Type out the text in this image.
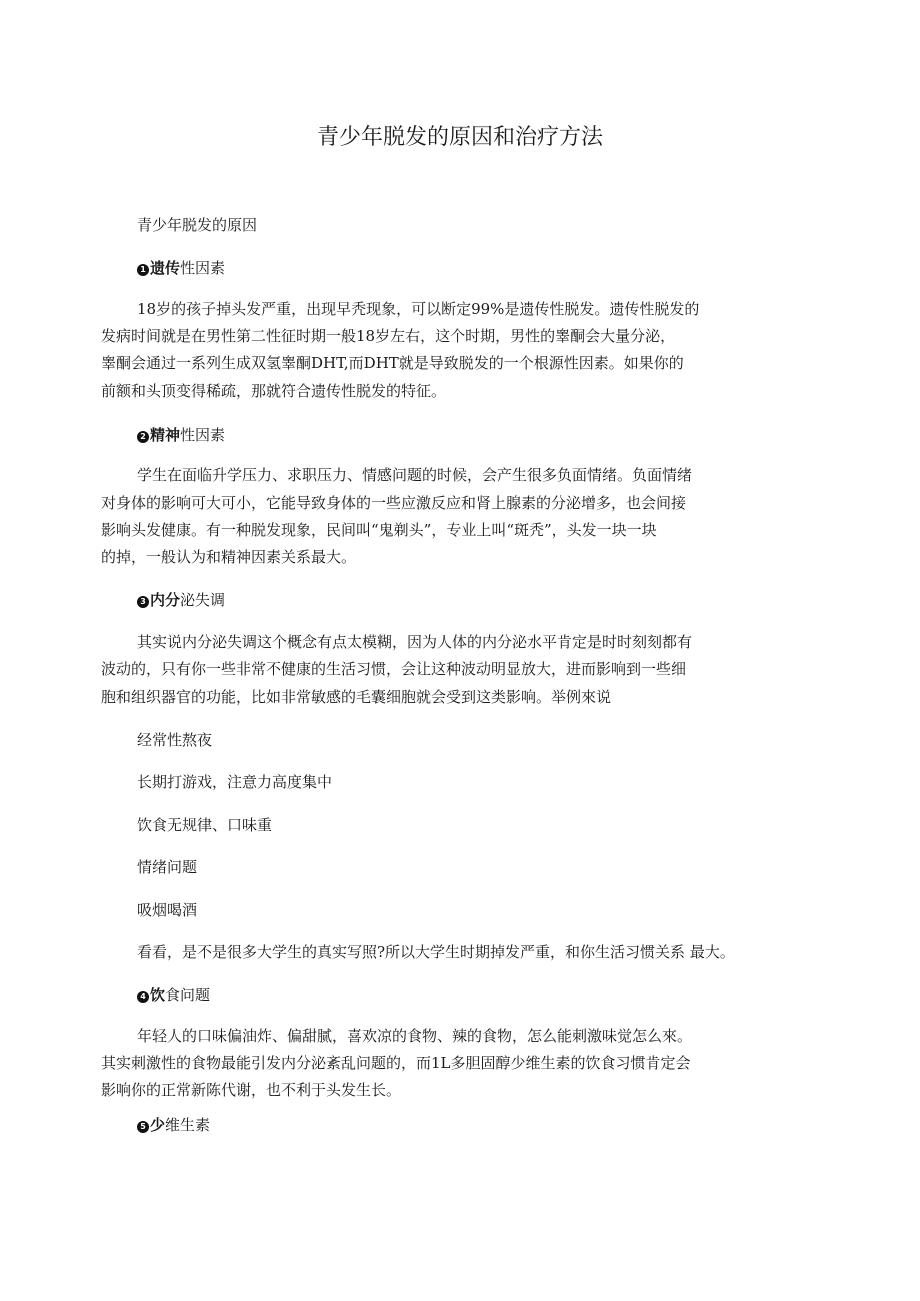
青少年脱发的原因和治疗方法
青少年脱发的原因
1 遗传性因素
18岁的孩子掉头发严重，出现早秃现象，可以断定99%是遗传性脱发。遗传性脱发的
发病时间就是在男性第二性征时期一般18岁左右，这个时期，男性的睾酮会大量分泌，
睾酮会通过一系列生成双氢睾酮DHT,而DHT就是导致脱发的一个根源性因素。如果你的
前额和头顶变得稀疏，那就符合遗传性脱发的特征。
2 精神性因素
学生在面临升学压力、求职压力、情感问题的时候，会产生很多负面情绪。负面情绪
对身体的影响可大可小，它能导致身体的一些应激反应和肾上腺素的分泌增多，也会间接
影响头发健康。有一种脱发现象，民间叫“鬼剃头”，专业上叫“斑秃”，头发一块一块
的掉，一般认为和精神因素关系最大。
3 内分泌失调
其实说内分泌失调这个概念有点太模糊，因为人体的内分泌水平肯定是时时刻刻都有
波动的，只有你一些非常不健康的生活习惯，会让这种波动明显放大，进而影响到一些细
胞和组织器官的功能，比如非常敏感的毛囊细胞就会受到这类影响。举例來说
经常性熬夜
长期打游戏，注意力高度集中
饮食无规律、口味重
情绪问题
吸烟喝酒
看看，是不是很多大学生的真实写照?所以大学生时期掉发严重，和你生活习惯关系 最大。
4 饮食问题
年轻人的口味偏油炸、偏甜腻，喜欢凉的食物、辣的食物，怎么能刺激味觉怎么來。
其实刺激性的食物最能引发内分泌紊乱问题的，而1L多胆固醇少维生素的饮食习惯肯定会
影响你的正常新陈代谢，也不利于头发生长。
5 少维生素
